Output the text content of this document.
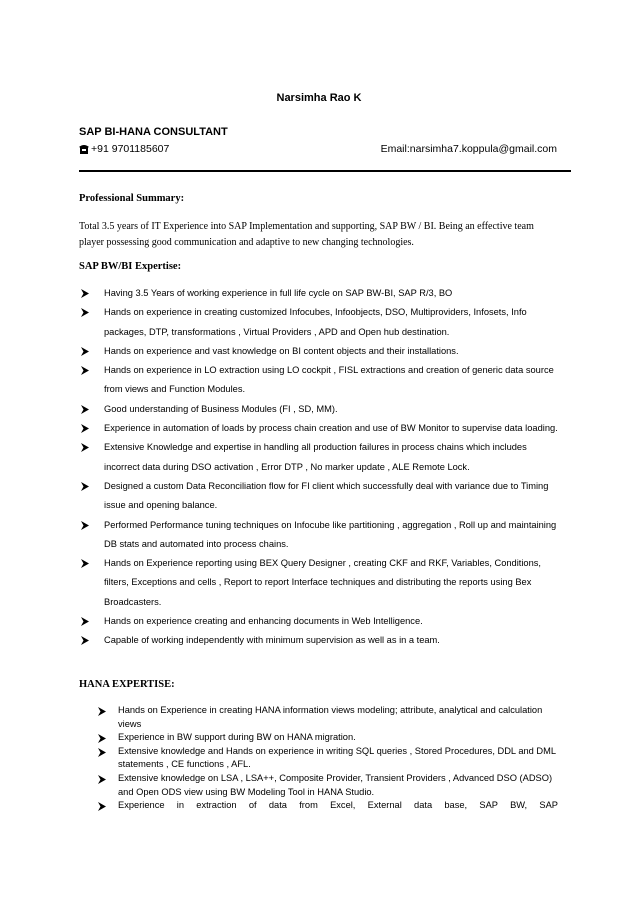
Narsimha Rao K
SAP BI-HANA CONSULTANT
+91 9701185607	Email:narsimha7.koppula@gmail.com
Professional Summary:
Total 3.5 years of IT Experience into SAP Implementation and supporting, SAP BW / BI. Being an effective team player possessing good communication and adaptive to new changing technologies.
SAP BW/BI Expertise:
Having 3.5 Years of working experience in full life cycle on SAP BW-BI, SAP R/3, BO
Hands on experience in creating customized Infocubes, Infoobjects, DSO, Multiproviders, Infosets, Info packages, DTP, transformations , Virtual Providers , APD and Open hub destination.
Hands on experience and vast knowledge on BI content objects and their installations.
Hands on experience in LO extraction using LO cockpit , FISL extractions and creation of generic data source from views and Function Modules.
Good understanding of Business Modules (FI , SD, MM).
Experience in automation of loads by process chain creation and use of BW Monitor to supervise data loading.
Extensive Knowledge and expertise in handling all production failures in process chains which includes incorrect data during DSO activation , Error DTP , No marker update , ALE Remote Lock.
Designed a custom Data Reconciliation flow for FI client which successfully deal with variance due to Timing issue and opening balance.
Performed Performance tuning techniques on Infocube like partitioning , aggregation , Roll up and maintaining DB stats and automated into process chains.
Hands on Experience reporting using BEX Query Designer , creating CKF and RKF, Variables, Conditions, filters, Exceptions and cells , Report to report Interface techniques and distributing the reports using Bex Broadcasters.
Hands on experience creating and enhancing documents in Web Intelligence.
Capable of working independently with minimum supervision as well as in a team.
HANA EXPERTISE:
Hands on Experience in creating HANA information views modeling; attribute, analytical and calculation views
Experience in BW support during BW on HANA migration.
Extensive knowledge and Hands on experience in writing SQL queries , Stored Procedures, DDL and DML statements , CE functions , AFL.
Extensive knowledge on LSA , LSA++, Composite Provider, Transient Providers , Advanced DSO (ADSO) and Open ODS view using BW Modeling Tool in HANA Studio.
Experience in extraction of data from Excel, External data base, SAP BW, SAP
